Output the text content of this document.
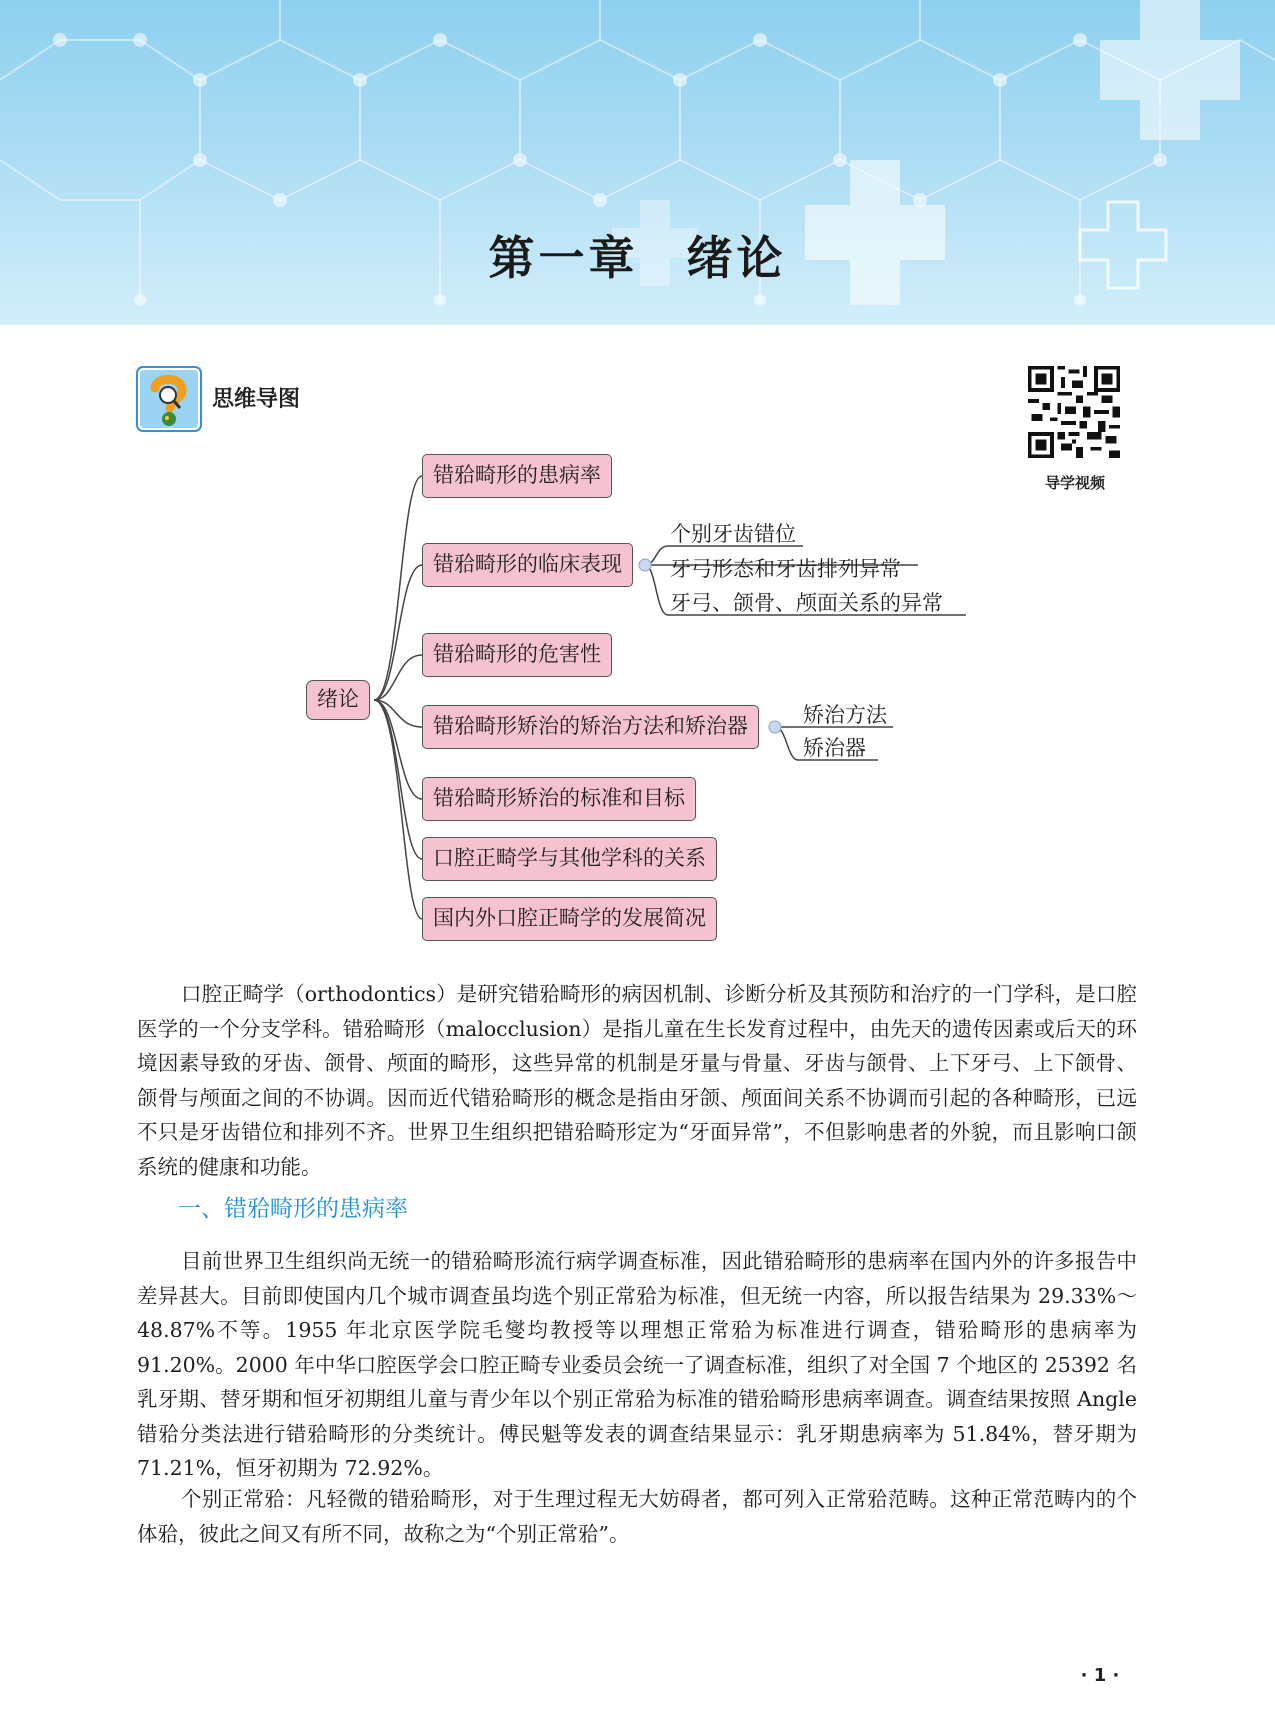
第一章 绪论
思维导图
导学视频
绪论
错𬌗畸形的患病率
错𬌗畸形的临床表现
错𬌗畸形的危害性
错𬌗畸形矫治的矫治方法和矫治器
错𬌗畸形矫治的标准和目标
口腔正畸学与其他学科的关系
国内外口腔正畸学的发展简况
个别牙齿错位
牙弓形态和牙齿排列异常
牙弓、颌骨、颅面关系的异常
矫治方法
矫治器

口腔正畸学（orthodontics）是研究错𬌗畸形的病因机制、诊断分析及其预防和治疗的一门学科，是口腔医学的一个分支学科。错𬌗畸形（malocclusion）是指儿童在生长发育过程中，由先天的遗传因素或后天的环境因素导致的牙齿、颌骨、颅面的畸形，这些异常的机制是牙量与骨量、牙齿与颌骨、上下牙弓、上下颌骨、颌骨与颅面之间的不协调。因而近代错𬌗畸形的概念是指由牙颌、颅面间关系不协调而引起的各种畸形，已远不只是牙齿错位和排列不齐。世界卫生组织把错𬌗畸形定为“牙面异常”，不但影响患者的外貌，而且影响口颌系统的健康和功能。

一、错𬌗畸形的患病率

目前世界卫生组织尚无统一的错𬌗畸形流行病学调查标准，因此错𬌗畸形的患病率在国内外的许多报告中差异甚大。目前即使国内几个城市调查虽均选个别正常𬌗为标准，但无统一内容，所以报告结果为 29.33%～48.87%不等。1955 年北京医学院毛燮均教授等以理想正常𬌗为标准进行调查，错𬌗畸形的患病率为 91.20%。2000 年中华口腔医学会口腔正畸专业委员会统一了调查标准，组织了对全国 7 个地区的 25392 名乳牙期、替牙期和恒牙初期组儿童与青少年以个别正常𬌗为标准的错𬌗畸形患病率调查。调查结果按照 Angle 错𬌗分类法进行错𬌗畸形的分类统计。傅民魁等发表的调查结果显示：乳牙期患病率为 51.84%，替牙期为 71.21%，恒牙初期为 72.92%。

个别正常𬌗：凡轻微的错𬌗畸形，对于生理过程无大妨碍者，都可列入正常𬌗范畴。这种正常范畴内的个体𬌗，彼此之间又有所不同，故称之为“个别正常𬌗”。

· 1 ·
